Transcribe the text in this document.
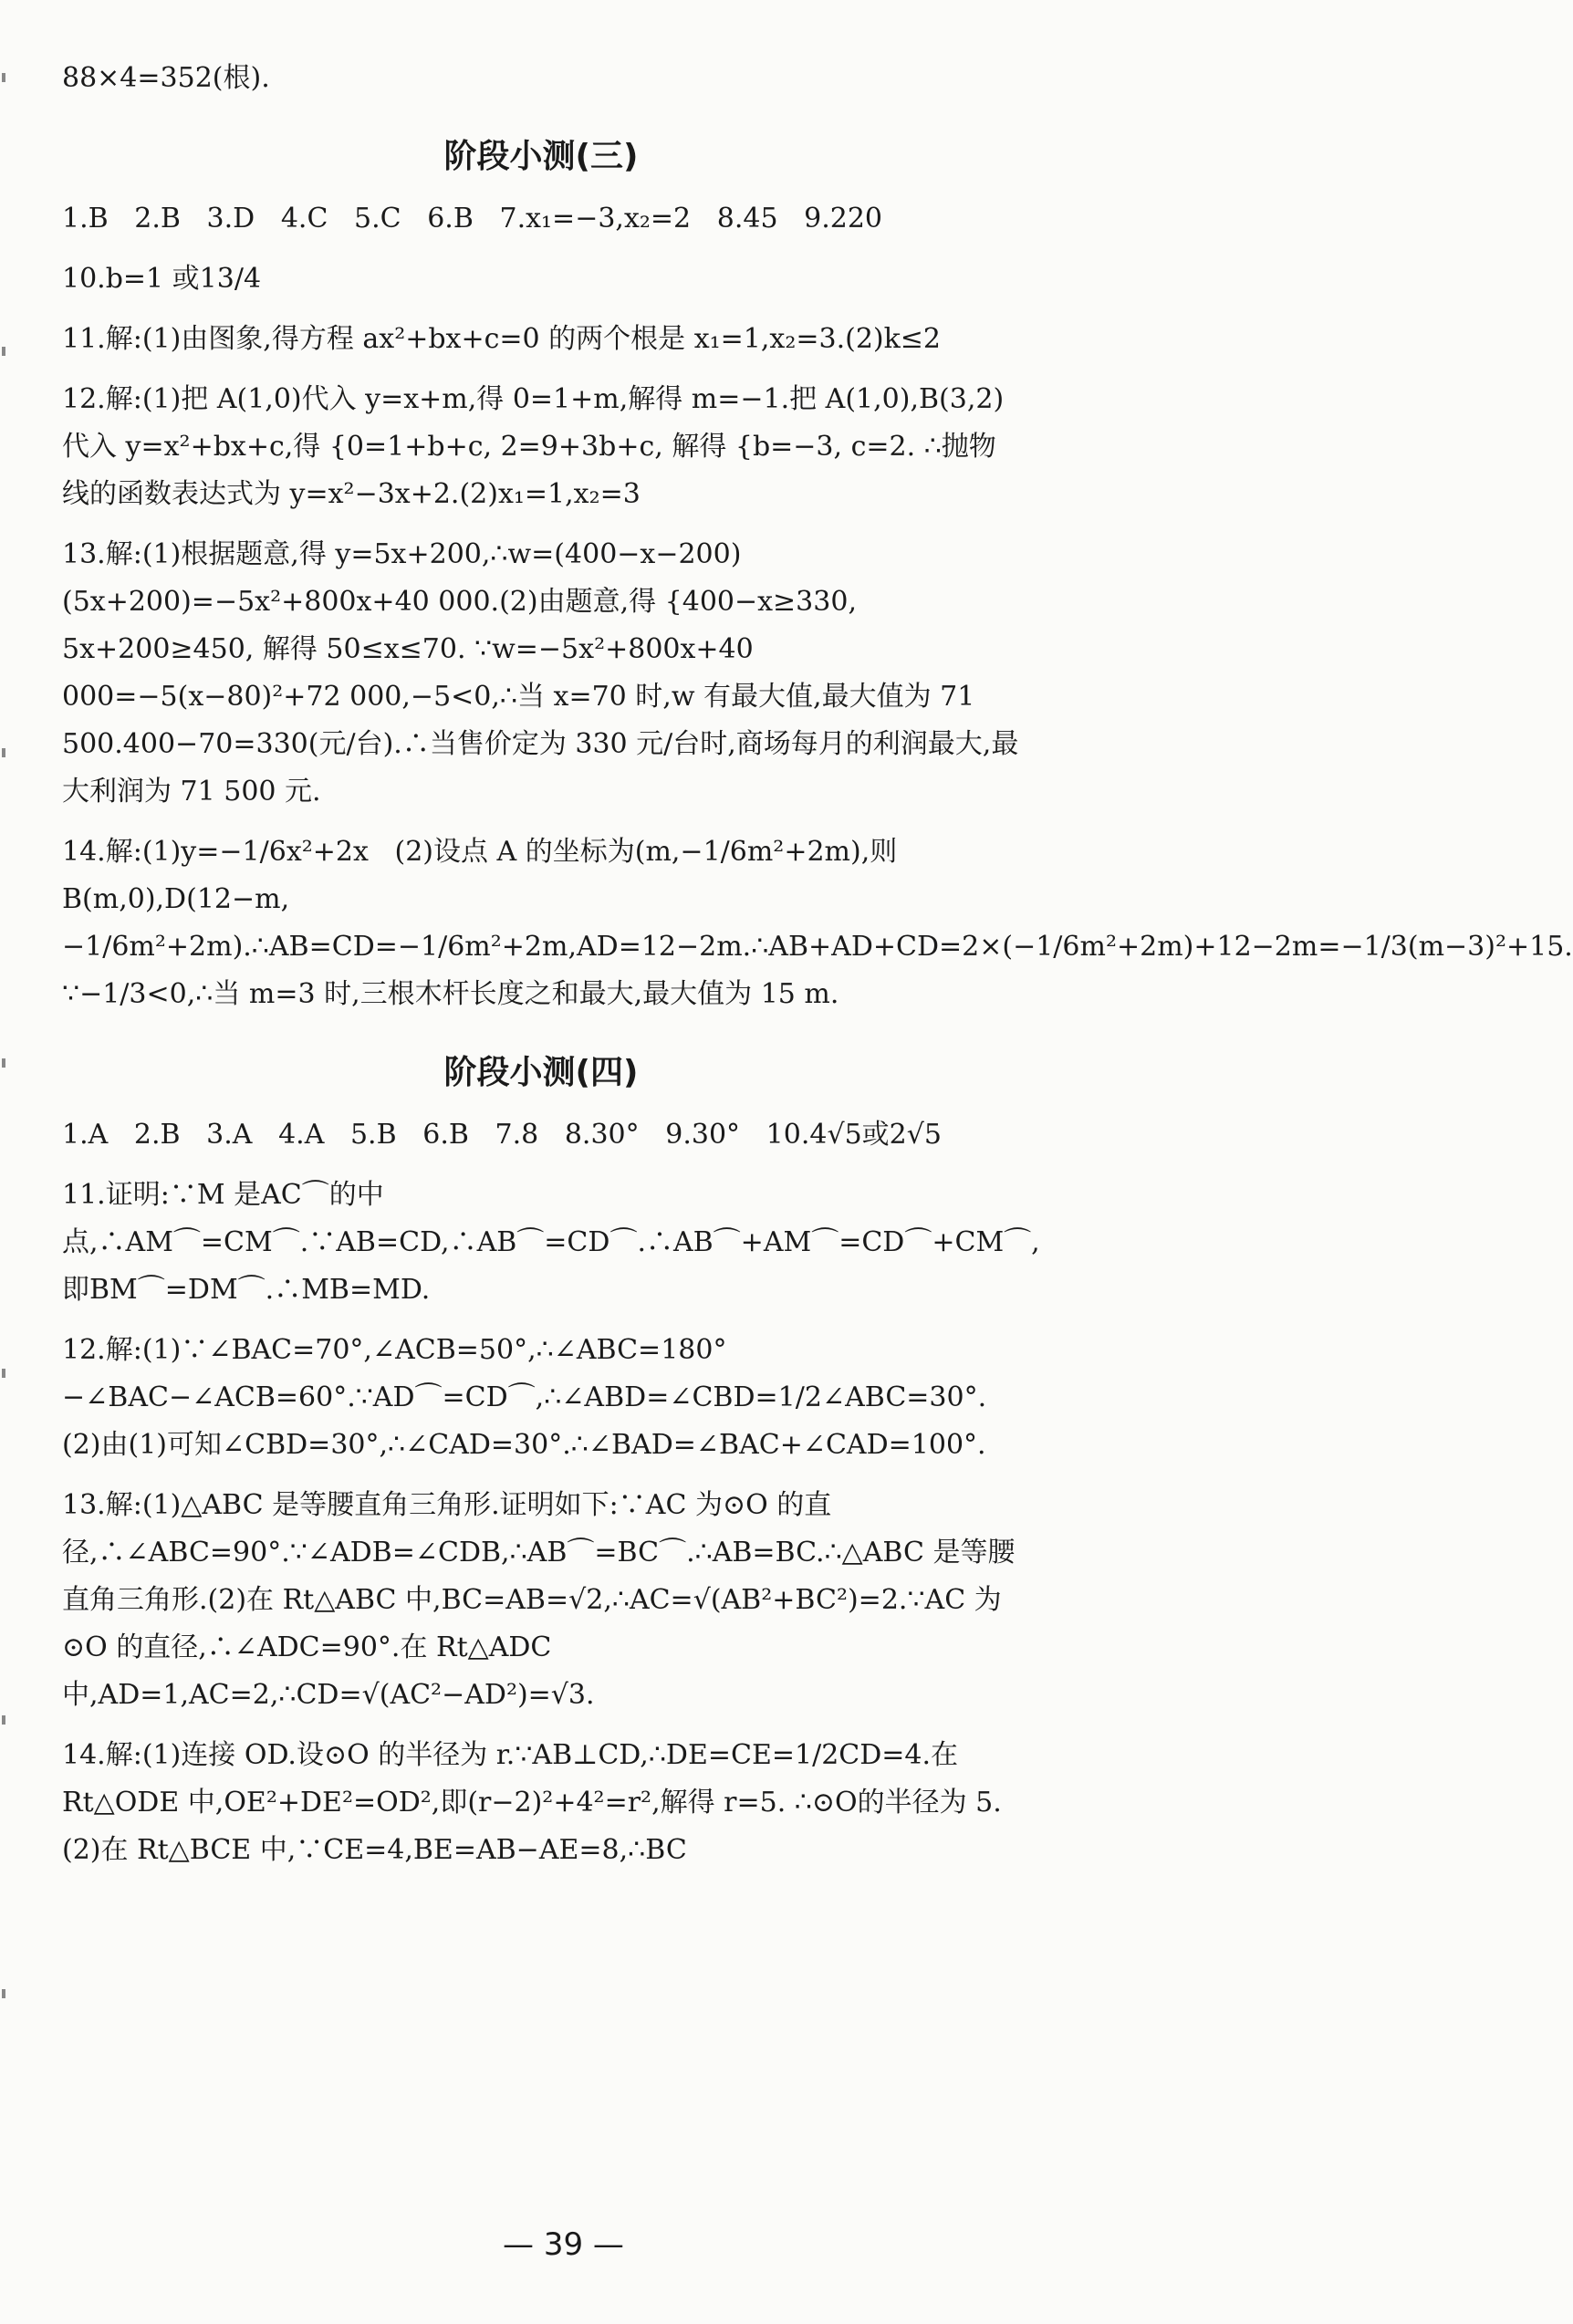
88×4=352(根).

阶段小测(三)

1.B   2.B   3.D   4.C   5.C   6.B   7.x₁=−3,x₂=2   8.45   9.220

10.b=1 或13/4

11.解:(1)由图象,得方程 ax²+bx+c=0 的两个根是 x₁=1,x₂=3.(2)k≤2

12.解:(1)把 A(1,0)代入 y=x+m,得 0=1+m,解得 m=−1.把 A(1,0),B(3,2)代入 y=x²+bx+c,得 {0=1+b+c, 2=9+3b+c, 解得 {b=−3, c=2. ∴抛物线的函数表达式为 y=x²−3x+2.(2)x₁=1,x₂=3

13.解:(1)根据题意,得 y=5x+200,∴w=(400−x−200)(5x+200)=−5x²+800x+40 000.(2)由题意,得 {400−x≥330, 5x+200≥450, 解得 50≤x≤70. ∵w=−5x²+800x+40 000=−5(x−80)²+72 000,−5<0,∴当 x=70 时,w 有最大值,最大值为 71 500.400−70=330(元/台).∴当售价定为 330 元/台时,商场每月的利润最大,最大利润为 71 500 元.

14.解:(1)y=−1/6x²+2x   (2)设点 A 的坐标为(m,−1/6m²+2m),则 B(m,0),D(12−m,−1/6m²+2m).∴AB=CD=−1/6m²+2m,AD=12−2m.∴AB+AD+CD=2×(−1/6m²+2m)+12−2m=−1/3(m−3)²+15. ∵−1/3<0,∴当 m=3 时,三根木杆长度之和最大,最大值为 15 m.

阶段小测(四)

1.A   2.B   3.A   4.A   5.B   6.B   7.8   8.30°   9.30°   10.4√5或2√5

11.证明:∵M 是AC⌒的中点,∴AM⌒=CM⌒.∵AB=CD,∴AB⌒=CD⌒.∴AB⌒+AM⌒=CD⌒+CM⌒,即BM⌒=DM⌒.∴MB=MD.

12.解:(1)∵∠BAC=70°,∠ACB=50°,∴∠ABC=180°−∠BAC−∠ACB=60°.∵AD⌒=CD⌒,∴∠ABD=∠CBD=1/2∠ABC=30°.(2)由(1)可知∠CBD=30°,∴∠CAD=30°.∴∠BAD=∠BAC+∠CAD=100°.

13.解:(1)△ABC 是等腰直角三角形.证明如下:∵AC 为⊙O 的直径,∴∠ABC=90°.∵∠ADB=∠CDB,∴AB⌒=BC⌒.∴AB=BC.∴△ABC 是等腰直角三角形.(2)在 Rt△ABC 中,BC=AB=√2,∴AC=√(AB²+BC²)=2.∵AC 为⊙O 的直径,∴∠ADC=90°.在 Rt△ADC 中,AD=1,AC=2,∴CD=√(AC²−AD²)=√3.

14.解:(1)连接 OD.设⊙O 的半径为 r.∵AB⊥CD,∴DE=CE=1/2CD=4.在 Rt△ODE 中,OE²+DE²=OD²,即(r−2)²+4²=r²,解得 r=5. ∴⊙O的半径为 5.(2)在 Rt△BCE 中,∵CE=4,BE=AB−AE=8,∴BC

— 39 —
